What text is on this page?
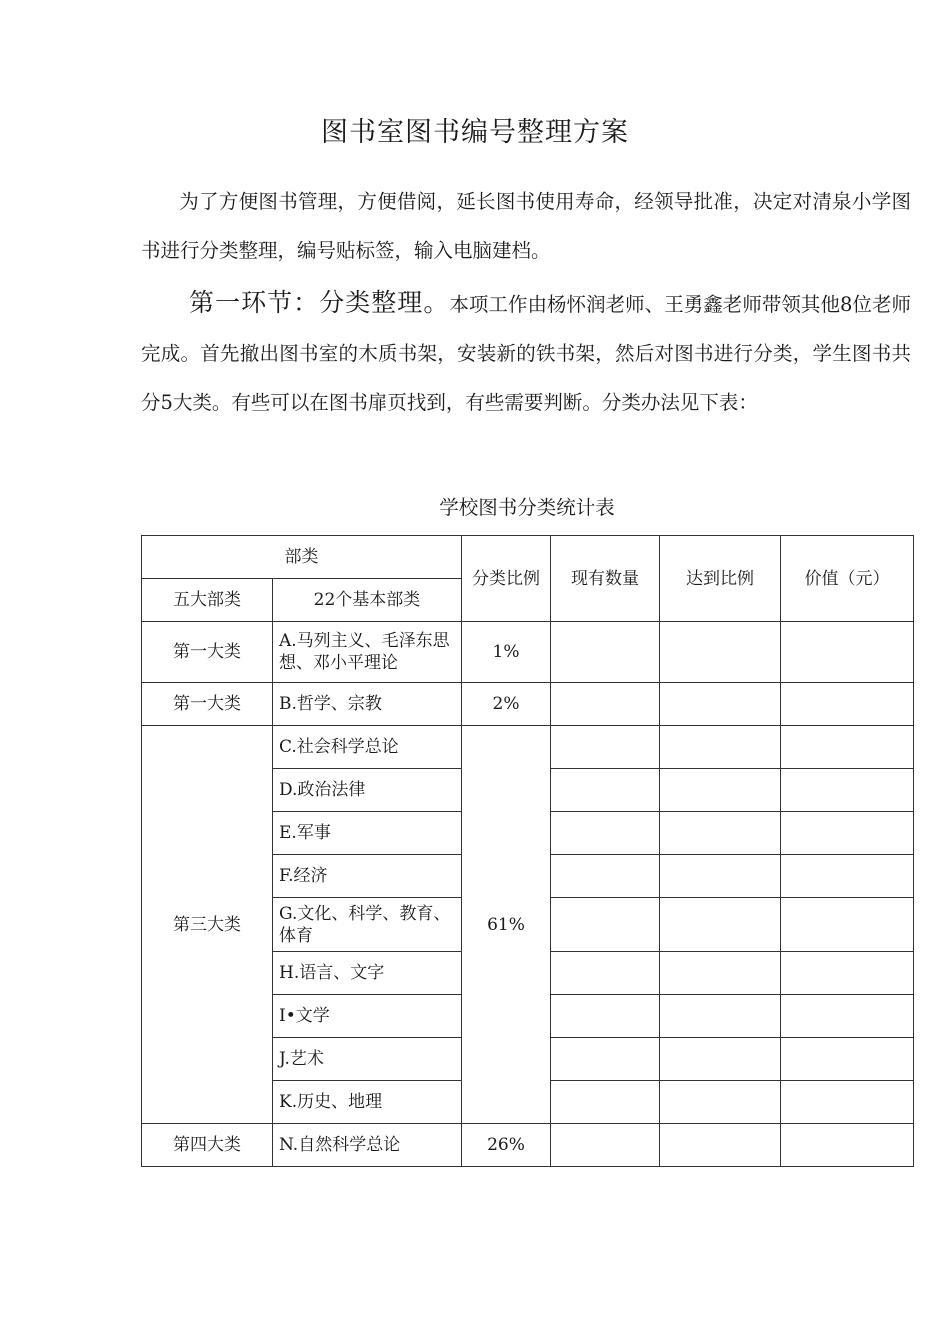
图书室图书编号整理方案
为了方便图书管理，方便借阅，延长图书使用寿命，经领导批准，决定对清泉小学图书进行分类整理，编号贴标签，输入电脑建档。
第一环节：分类整理。本项工作由杨怀润老师、王勇鑫老师带领其他8位老师完成。首先撤出图书室的木质书架，安装新的铁书架，然后对图书进行分类，学生图书共分5大类。有些可以在图书扉页找到，有些需要判断。分类办法见下表：
学校图书分类统计表
部类		分类比例	现有数量	达到比例	价值（元）
五大部类	22个基本部类				
第一大类	A.马列主义、毛泽东思想、邓小平理论	1%			
第一大类	B.哲学、宗教	2%			
第三大类	C.社会科学总论	61%			
	D.政治法律				
	E.军事				
	F.经济				
	G.文化、科学、教育、体育				
	H.语言、文字				
	I•文学				
	J.艺术				
	K.历史、地理				
第四大类	N.自然科学总论	26%			
